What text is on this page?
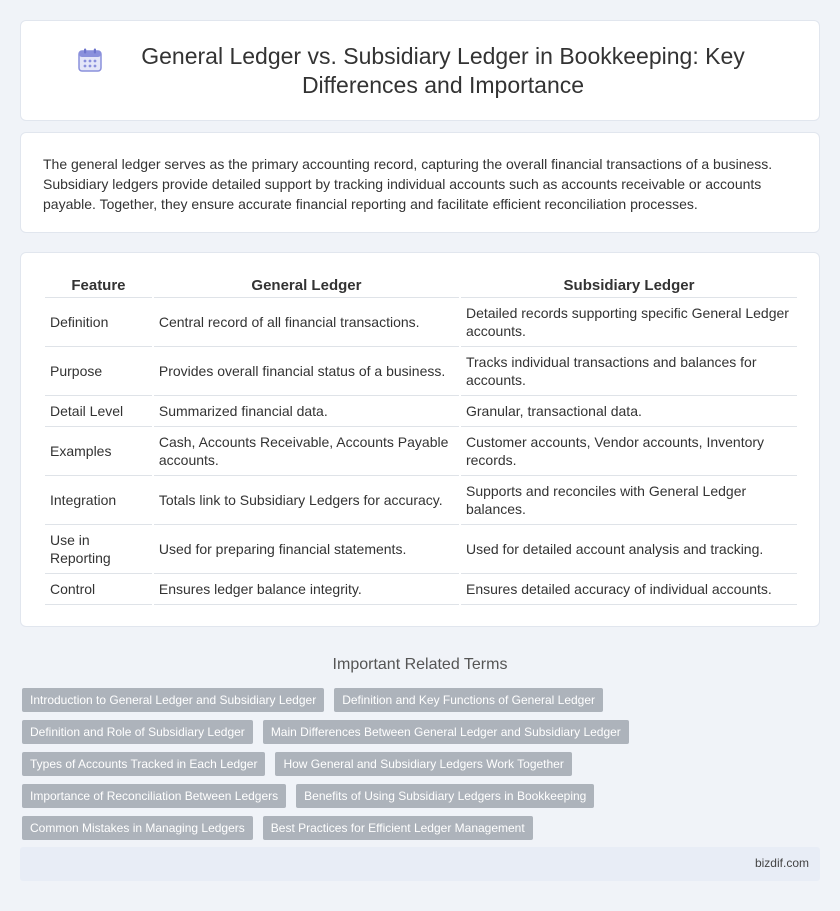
General Ledger vs. Subsidiary Ledger in Bookkeeping: Key Differences and Importance

The general ledger serves as the primary accounting record, capturing the overall financial transactions of a business. Subsidiary ledgers provide detailed support by tracking individual accounts such as accounts receivable or accounts payable. Together, they ensure accurate financial reporting and facilitate efficient reconciliation processes.

Feature	General Ledger	Subsidiary Ledger
Definition	Central record of all financial transactions.	Detailed records supporting specific General Ledger accounts.
Purpose	Provides overall financial status of a business.	Tracks individual transactions and balances for accounts.
Detail Level	Summarized financial data.	Granular, transactional data.
Examples	Cash, Accounts Receivable, Accounts Payable accounts.	Customer accounts, Vendor accounts, Inventory records.
Integration	Totals link to Subsidiary Ledgers for accuracy.	Supports and reconciles with General Ledger balances.
Use in Reporting	Used for preparing financial statements.	Used for detailed account analysis and tracking.
Control	Ensures ledger balance integrity.	Ensures detailed accuracy of individual accounts.
Important Related Terms
Introduction to General Ledger and Subsidiary Ledger	Definition and Key Functions of General Ledger
Definition and Role of Subsidiary Ledger	Main Differences Between General Ledger and Subsidiary Ledger
Types of Accounts Tracked in Each Ledger	How General and Subsidiary Ledgers Work Together
Importance of Reconciliation Between Ledgers	Benefits of Using Subsidiary Ledgers in Bookkeeping
Common Mistakes in Managing Ledgers	Best Practices for Efficient Ledger Management
bizdif.com
